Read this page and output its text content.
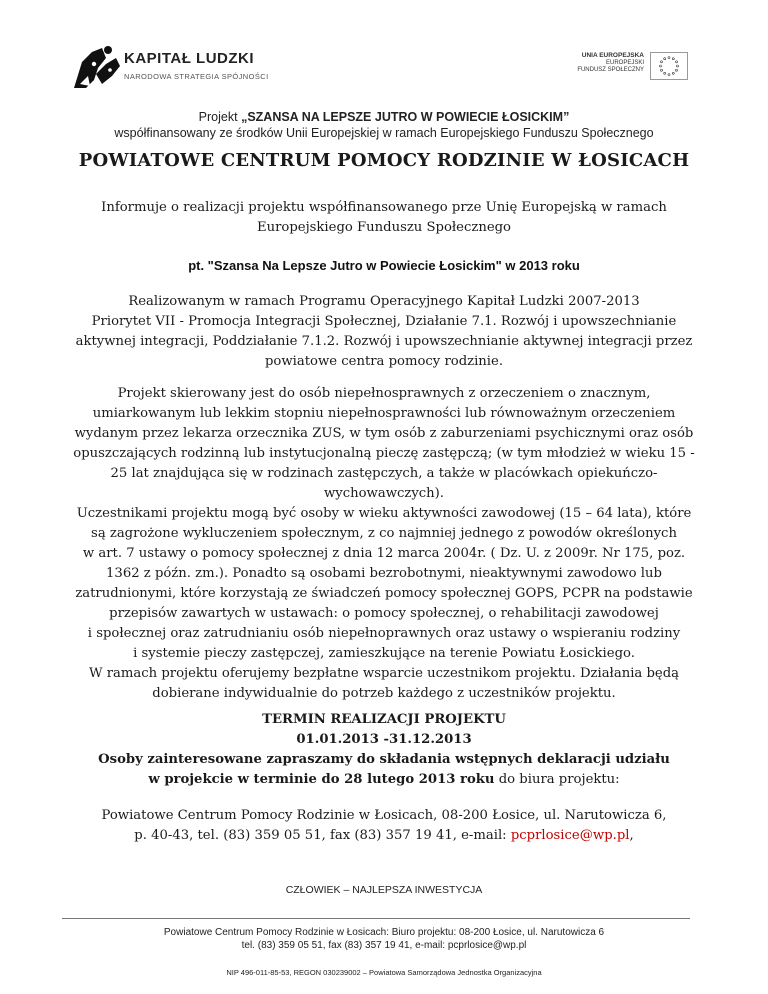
KAPITAŁ LUDZKI
NARODOWA STRATEGIA SPÓJNOŚCI
UNIA EUROPEJSKA
EUROPEJSKI
FUNDUSZ SPOŁECZNY
Projekt „SZANSA NA LEPSZE JUTRO W POWIECIE ŁOSICKIM”
współfinansowany ze środków Unii Europejskiej w ramach Europejskiego Funduszu Społecznego
POWIATOWE CENTRUM POMOCY RODZINIE W ŁOSICACH

Informuje o realizacji projektu współfinansowanego prze Unię Europejską w ramach

Europejskiego Funduszu Społecznego

pt. "Szansa Na Lepsze Jutro w Powiecie Łosickim" w 2013 roku

Realizowanym w ramach Programu Operacyjnego Kapitał Ludzki 2007-2013

Priorytet VII - Promocja Integracji Społecznej, Działanie 7.1. Rozwój i upowszechnianie

aktywnej integracji, Poddziałanie 7.1.2. Rozwój i upowszechnianie aktywnej integracji przez

powiatowe centra pomocy rodzinie.

Projekt skierowany jest do osób niepełnosprawnych z orzeczeniem o znacznym,

umiarkowanym lub lekkim stopniu niepełnosprawności lub równoważnym orzeczeniem

wydanym przez lekarza orzecznika ZUS, w tym osób z zaburzeniami psychicznymi oraz osób

opuszczających rodzinną lub instytucjonalną pieczę zastępczą; (w tym młodzież w wieku 15 -

25 lat znajdująca się w rodzinach zastępczych, a także w placówkach opiekuńczo-

wychowawczych).

Uczestnikami projektu mogą być osoby w wieku aktywności zawodowej (15 – 64 lata), które

są zagrożone wykluczeniem społecznym, z co najmniej jednego z powodów określonych

w art. 7 ustawy o pomocy społecznej z dnia 12 marca 2004r. ( Dz. U. z 2009r. Nr 175, poz.

1362 z późn. zm.). Ponadto są osobami bezrobotnymi, nieaktywnymi zawodowo lub

zatrudnionymi, które korzystają ze świadczeń pomocy społecznej GOPS, PCPR na podstawie

przepisów zawartych w ustawach: o pomocy społecznej, o rehabilitacji zawodowej

i społecznej oraz zatrudnianiu osób niepełnoprawnych oraz ustawy o wspieraniu rodziny

i systemie pieczy zastępczej, zamieszkujące na terenie Powiatu Łosickiego.

W ramach projektu oferujemy bezpłatne wsparcie uczestnikom projektu. Działania będą

dobierane indywidualnie do potrzeb każdego z uczestników projektu.

TERMIN REALIZACJI PROJEKTU

01.01.2013 -31.12.2013

Osoby zainteresowane zapraszamy do składania wstępnych deklaracji udziału

w projekcie w terminie do 28 lutego 2013 roku do biura projektu:

Powiatowe Centrum Pomocy Rodzinie w Łosicach, 08-200 Łosice, ul. Narutowicza 6,

p. 40-43, tel. (83) 359 05 51, fax (83) 357 19 41, e-mail: pcprlosice@wp.pl,

CZŁOWIEK – NAJLEPSZA INWESTYCJA
Powiatowe Centrum Pomocy Rodzinie w Łosicach: Biuro projektu: 08-200 Łosice, ul. Narutowicza 6
tel. (83) 359 05 51, fax (83) 357 19 41, e-mail: pcprlosice@wp.pl
NIP 496-011-85-53, REGON 030239002 – Powiatowa Samorządowa Jednostka Organizacyjna
